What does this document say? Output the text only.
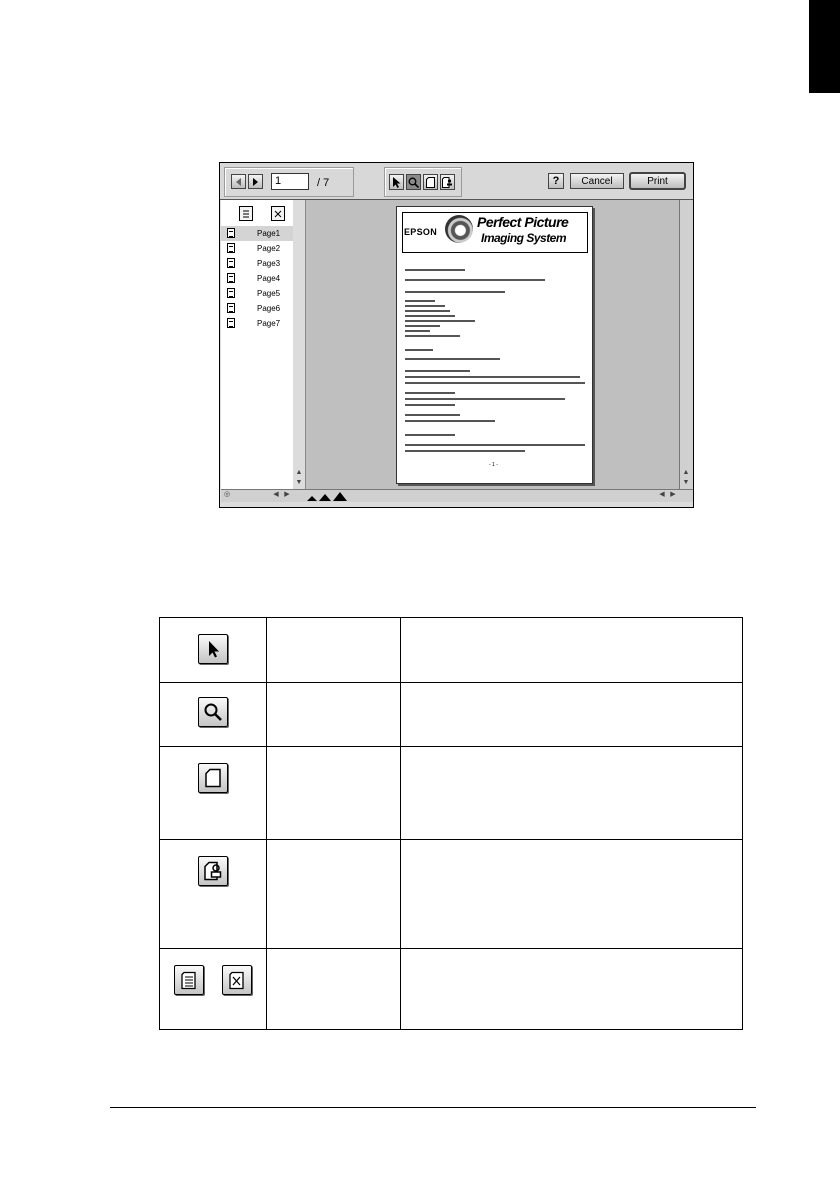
1	/ 7	?	Cancel	Print
Page1
Page2
Page3
Page4
Page5
Page6
Page7
▲
▼
EPSON
Perfect Picture
Imaging System
- 1 -
▲
▼
◎	◀ ▶	◀ ▶
